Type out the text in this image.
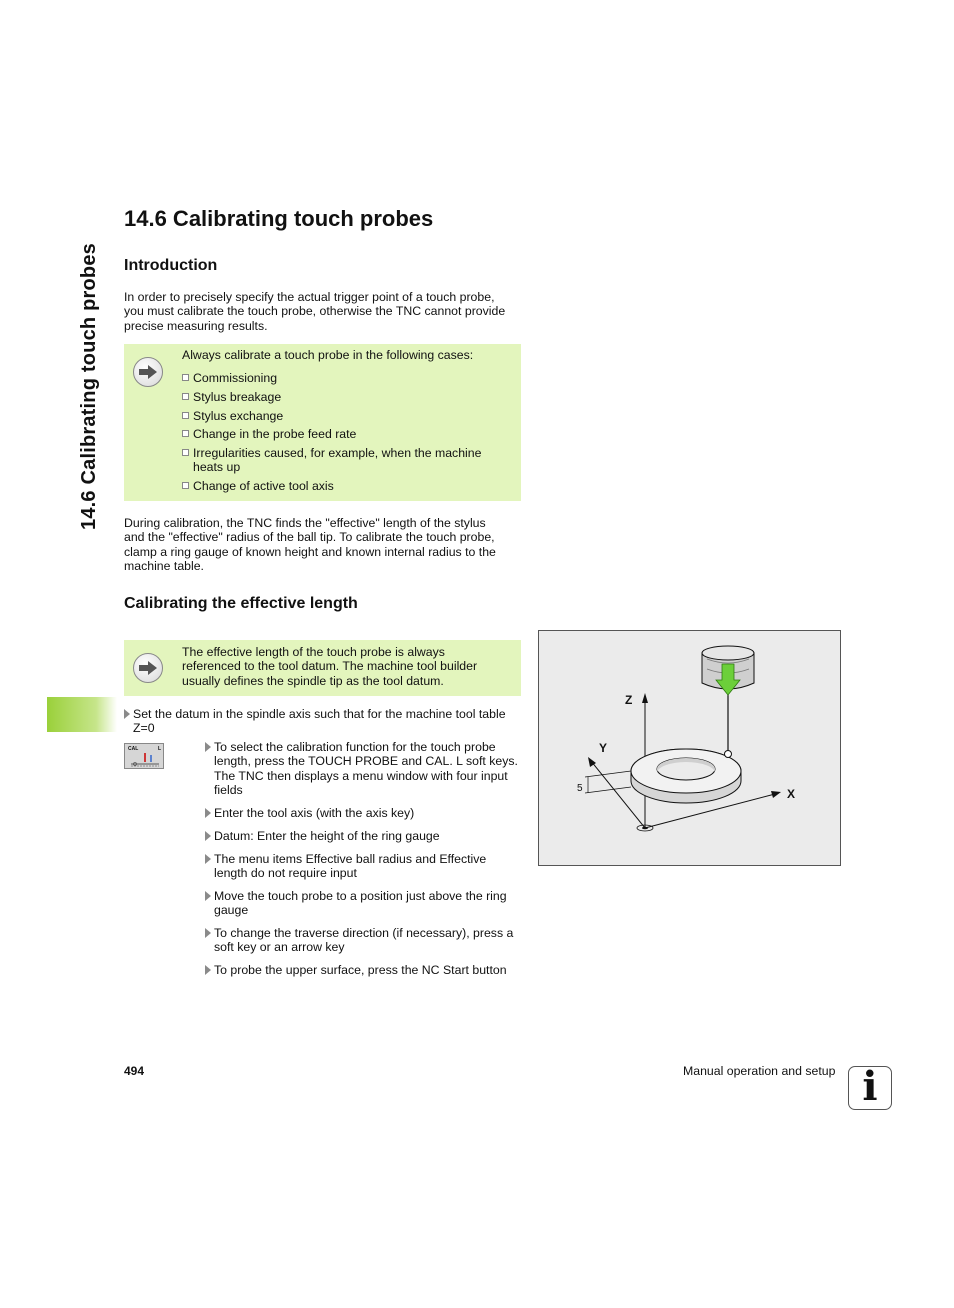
14.6 Calibrating touch probes
14.6 Calibrating touch probes
Introduction
In order to precisely specify the actual trigger point of a touch probe,
you must calibrate the touch probe, otherwise the TNC cannot provide
precise measuring results.
Always calibrate a touch probe in the following cases:
Commissioning
Stylus breakage
Stylus exchange
Change in the probe feed rate
Irregularities caused, for example, when the machine heats up
Change of active tool axis
During calibration, the TNC finds the "effective" length of the stylus
and the "effective" radius of the ball tip. To calibrate the touch probe,
clamp a ring gauge of known height and known internal radius to the
machine table.
Calibrating the effective length
The effective length of the touch probe is always
referenced to the tool datum. The machine tool builder
usually defines the spindle tip as the tool datum.
Set the datum in the spindle axis such that for the machine tool table Z=0
CAL	L	To select the calibration function for the touch probe length, press the TOUCH PROBE and CAL. L soft keys. The TNC then displays a menu window with four input fields
Enter the tool axis (with the axis key)
Datum: Enter the height of the ring gauge
The menu items Effective ball radius and Effective length do not require input
Move the touch probe to a position just above the ring gauge
To change the traverse direction (if necessary), press a soft key or an arrow key
To probe the upper surface, press the NC Start button
Z
Y
X
5
494	Manual operation and setup i
